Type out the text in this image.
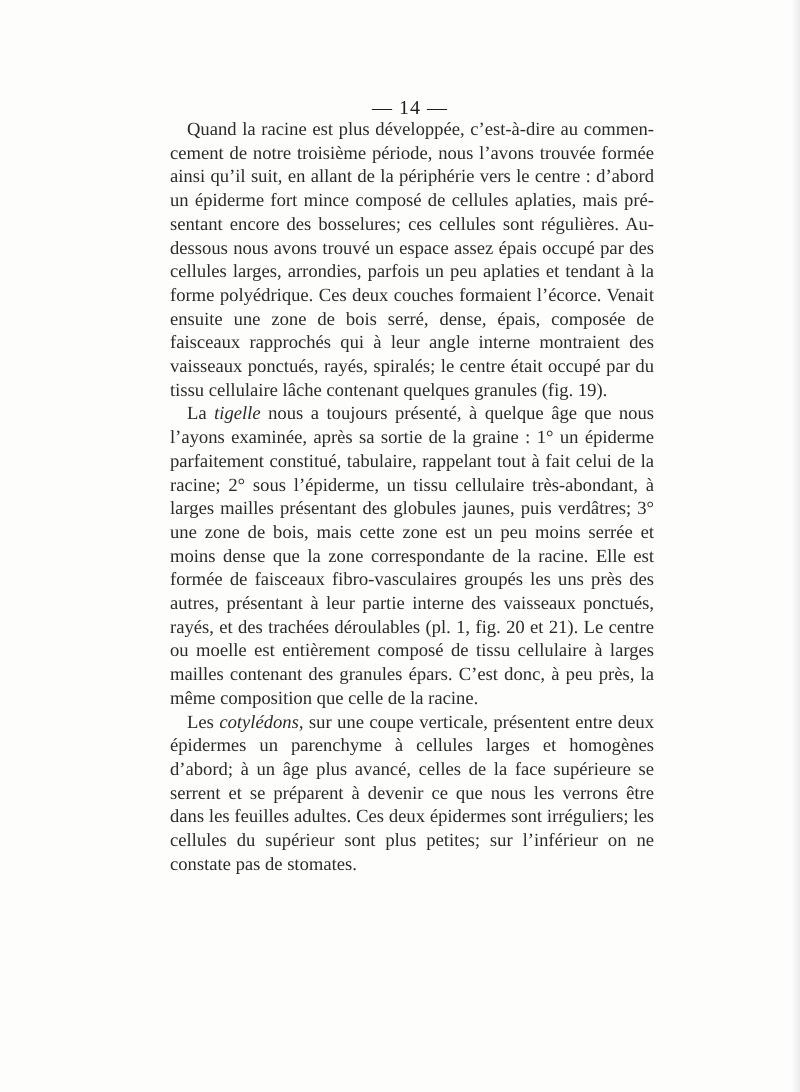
— 14 —

Quand la racine est plus développée, c’est-à-dire au commencement de notre troisième période, nous l’avons trouvée formée ainsi qu’il suit, en allant de la périphérie vers le centre : d’abord un épiderme fort mince composé de cellules aplaties, mais présentant encore des bosselures; ces cellules sont régulières. Au-dessous nous avons trouvé un espace assez épais occupé par des cellules larges, arrondies, parfois un peu aplaties et tendant à la forme polyédrique. Ces deux couches formaient l’écorce. Venait ensuite une zone de bois serré, dense, épais, composée de faisceaux rapprochés qui à leur angle interne montraient des vaisseaux ponctués, rayés, spiralés; le centre était occupé par du tissu cellulaire lâche contenant quelques granules (fig. 19).

La tigelle nous a toujours présenté, à quelque âge que nous l’ayons examinée, après sa sortie de la graine : 1° un épiderme parfaitement constitué, tabulaire, rappelant tout à fait celui de la racine; 2° sous l’épiderme, un tissu cellulaire très-abondant, à larges mailles présentant des globules jaunes, puis verdâtres; 3° une zone de bois, mais cette zone est un peu moins serrée et moins dense que la zone correspondante de la racine. Elle est formée de faisceaux fibro-vasculaires groupés les uns près des autres, présentant à leur partie interne des vaisseaux ponctués, rayés, et des trachées déroulables (pl. 1, fig. 20 et 21). Le centre ou moelle est entièrement composé de tissu cellulaire à larges mailles contenant des granules épars. C’est donc, à peu près, la même composition que celle de la racine.

Les cotylédons, sur une coupe verticale, présentent entre deux épidermes un parenchyme à cellules larges et homogènes d’abord; à un âge plus avancé, celles de la face supérieure se serrent et se préparent à devenir ce que nous les verrons être dans les feuilles adultes. Ces deux épidermes sont irréguliers; les cellules du supérieur sont plus petites; sur l’inférieur on ne constate pas de stomates.
